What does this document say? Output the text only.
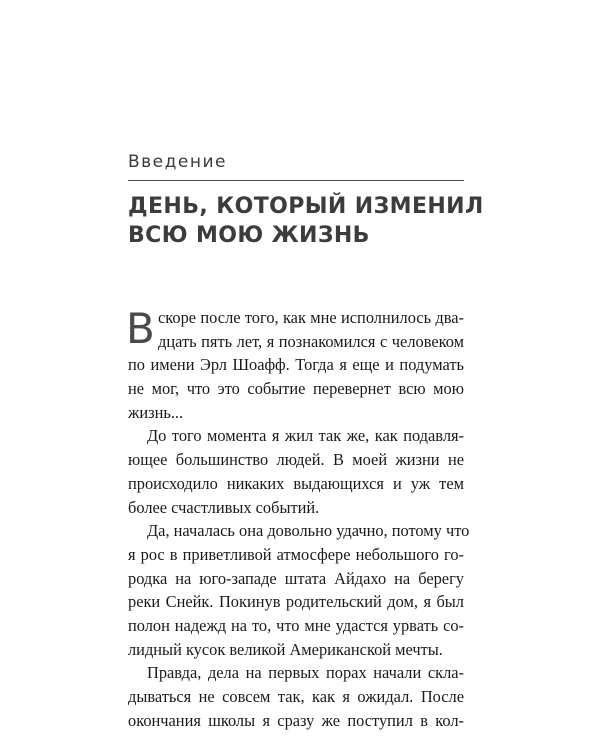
Введение

ДЕНЬ, КОТОРЫЙ ИЗМЕНИЛ
ВСЮ МОЮ ЖИЗНЬ
В скоре после того, как мне исполнилось два-
дцать пять лет, я познакомился с человеком
по имени Эрл Шоафф. Тогда я еще и подумать
не мог, что это событие перевернет всю мою
жизнь...
До того момента я жил так же, как подавля-
ющее большинство людей. В моей жизни не
происходило никаких выдающихся и уж тем
более счастливых событий.
Да, началась она довольно удачно, потому что
я рос в приветливой атмосфере небольшого го-
родка на юго-западе штата Айдахо на берегу
реки Снейк. Покинув родительский дом, я был
полон надежд на то, что мне удастся урвать со-
лидный кусок великой Американской мечты.
Правда, дела на первых порах начали скла-
дываться не совсем так, как я ожидал. После
окончания школы я сразу же поступил в кол-
